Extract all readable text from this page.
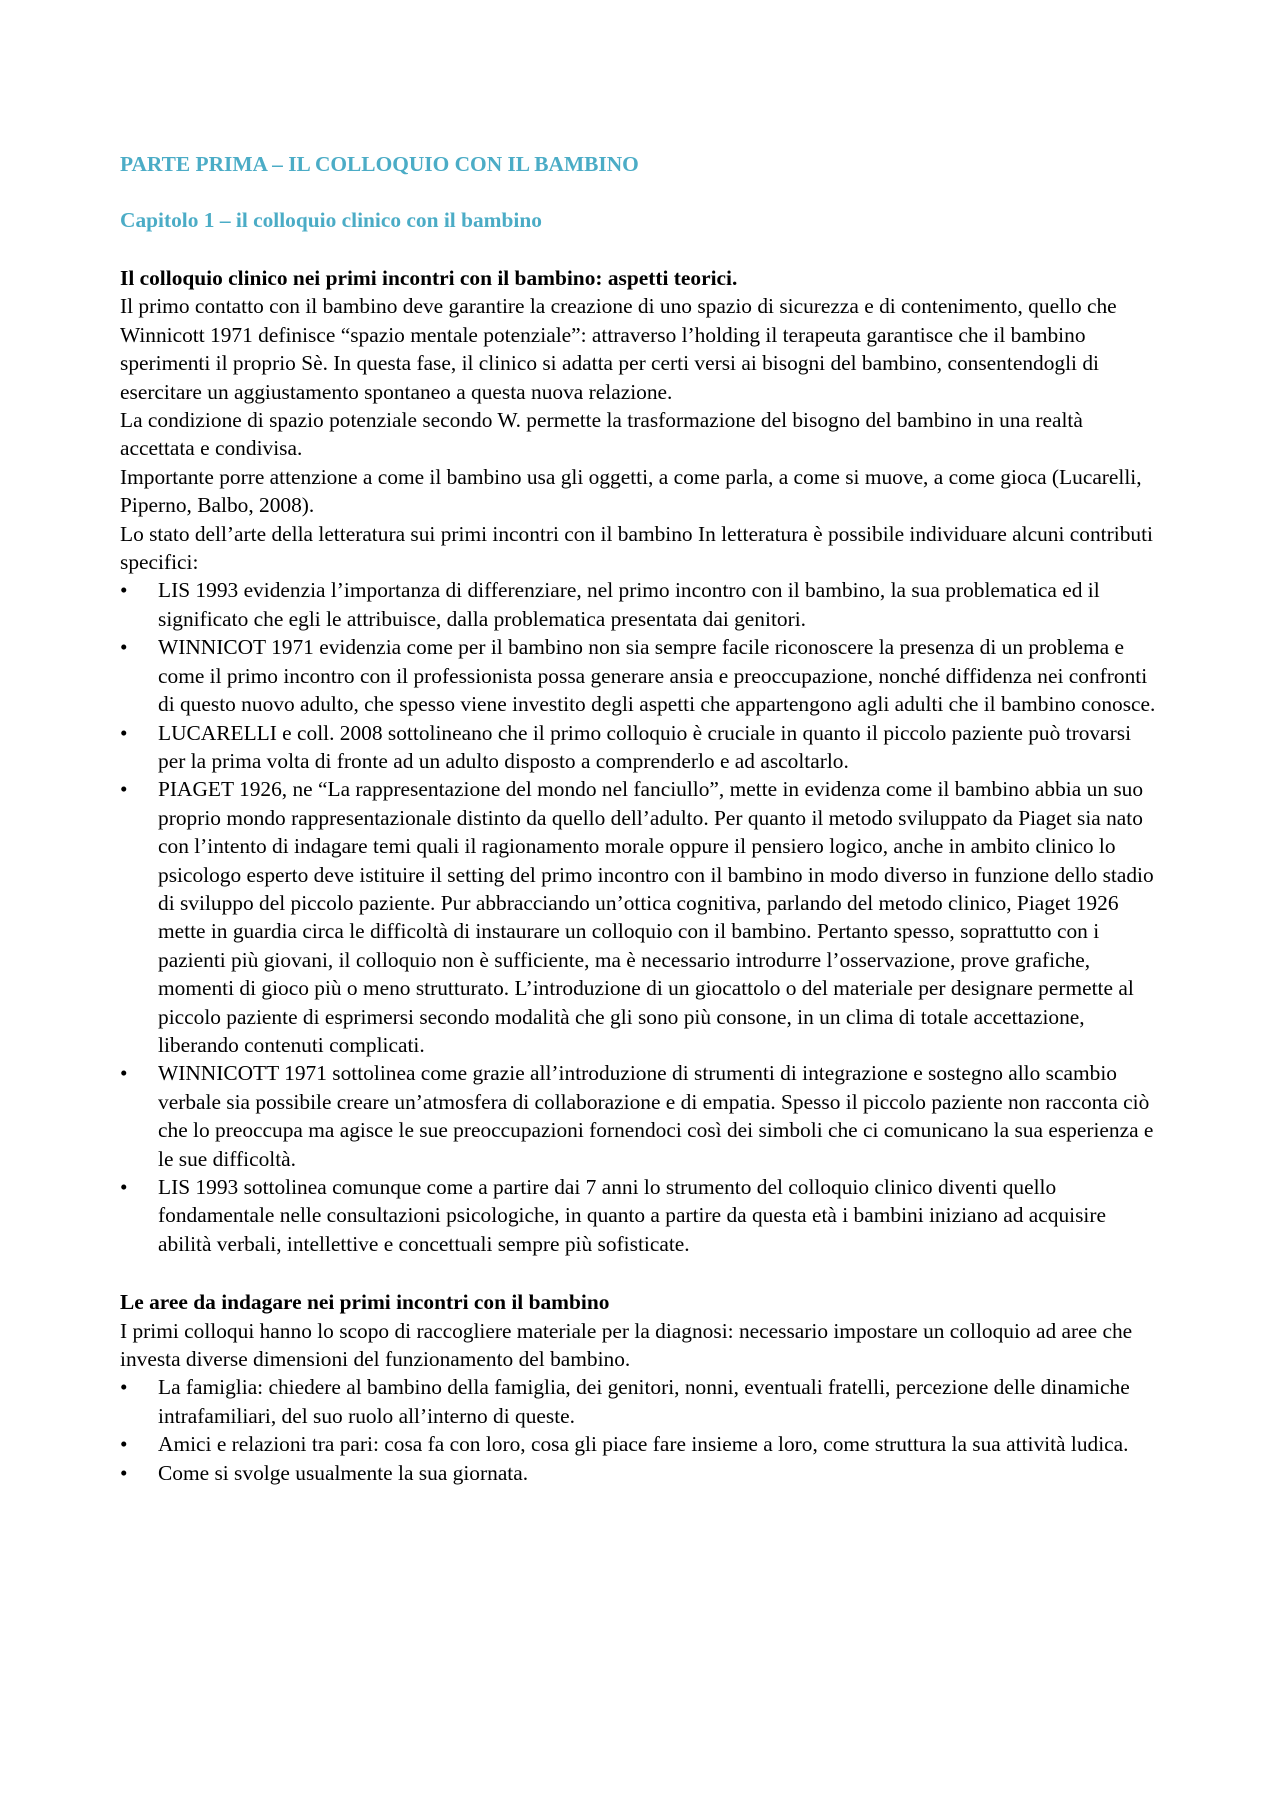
PARTE PRIMA – IL COLLOQUIO CON IL BAMBINO
Capitolo 1 – il colloquio clinico con il bambino
Il colloquio clinico nei primi incontri con il bambino: aspetti teorici.

Il primo contatto con il bambino deve garantire la creazione di uno spazio di sicurezza e di contenimento, quello che Winnicott 1971 definisce “spazio mentale potenziale”: attraverso l’holding il terapeuta garantisce che il bambino sperimenti il proprio Sè. In questa fase, il clinico si adatta per certi versi ai bisogni del bambino, consentendogli di esercitare un aggiustamento spontaneo a questa nuova relazione.

La condizione di spazio potenziale secondo W. permette la trasformazione del bisogno del bambino in una realtà accettata e condivisa.

Importante porre attenzione a come il bambino usa gli oggetti, a come parla, a come si muove, a come gioca (Lucarelli, Piperno, Balbo, 2008).

Lo stato dell’arte della letteratura sui primi incontri con il bambino In letteratura è possibile individuare alcuni contributi specifici:

•	LIS 1993 evidenzia l’importanza di differenziare, nel primo incontro con il bambino, la sua problematica ed il significato che egli le attribuisce, dalla problematica presentata dai genitori.
•	WINNICOT 1971 evidenzia come per il bambino non sia sempre facile riconoscere la presenza di un problema e come il primo incontro con il professionista possa generare ansia e preoccupazione, nonché diffidenza nei confronti di questo nuovo adulto, che spesso viene investito degli aspetti che appartengono agli adulti che il bambino conosce.
•	LUCARELLI e coll. 2008 sottolineano che il primo colloquio è cruciale in quanto il piccolo paziente può trovarsi per la prima volta di fronte ad un adulto disposto a comprenderlo e ad ascoltarlo.
•	PIAGET 1926, ne “La rappresentazione del mondo nel fanciullo”, mette in evidenza come il bambino abbia un suo proprio mondo rappresentazionale distinto da quello dell’adulto. Per quanto il metodo sviluppato da Piaget sia nato con l’intento di indagare temi quali il ragionamento morale oppure il pensiero logico, anche in ambito clinico lo psicologo esperto deve istituire il setting del primo incontro con il bambino in modo diverso in funzione dello stadio di sviluppo del piccolo paziente. Pur abbracciando un’ottica cognitiva, parlando del metodo clinico, Piaget 1926 mette in guardia circa le difficoltà di instaurare un colloquio con il bambino. Pertanto spesso, soprattutto con i pazienti più giovani, il colloquio non è sufficiente, ma è necessario introdurre l’osservazione, prove grafiche, momenti di gioco più o meno strutturato. L’introduzione di un giocattolo o del materiale per designare permette al piccolo paziente di esprimersi secondo modalità che gli sono più consone, in un clima di totale accettazione, liberando contenuti complicati.
•	WINNICOTT 1971 sottolinea come grazie all’introduzione di strumenti di integrazione e sostegno allo scambio verbale sia possibile creare un’atmosfera di collaborazione e di empatia. Spesso il piccolo paziente non racconta ciò che lo preoccupa ma agisce le sue preoccupazioni fornendoci così dei simboli che ci comunicano la sua esperienza e le sue difficoltà.
•	LIS 1993 sottolinea comunque come a partire dai 7 anni lo strumento del colloquio clinico diventi quello fondamentale nelle consultazioni psicologiche, in quanto a partire da questa età i bambini iniziano ad acquisire abilità verbali, intellettive e concettuali sempre più sofisticate.
Le aree da indagare nei primi incontri con il bambino

I primi colloqui hanno lo scopo di raccogliere materiale per la diagnosi: necessario impostare un colloquio ad aree che investa diverse dimensioni del funzionamento del bambino.

•	La famiglia: chiedere al bambino della famiglia, dei genitori, nonni, eventuali fratelli, percezione delle dinamiche intrafamiliari, del suo ruolo all’interno di queste.
•	Amici e relazioni tra pari: cosa fa con loro, cosa gli piace fare insieme a loro, come struttura la sua attività ludica.
•	Come si svolge usualmente la sua giornata.
